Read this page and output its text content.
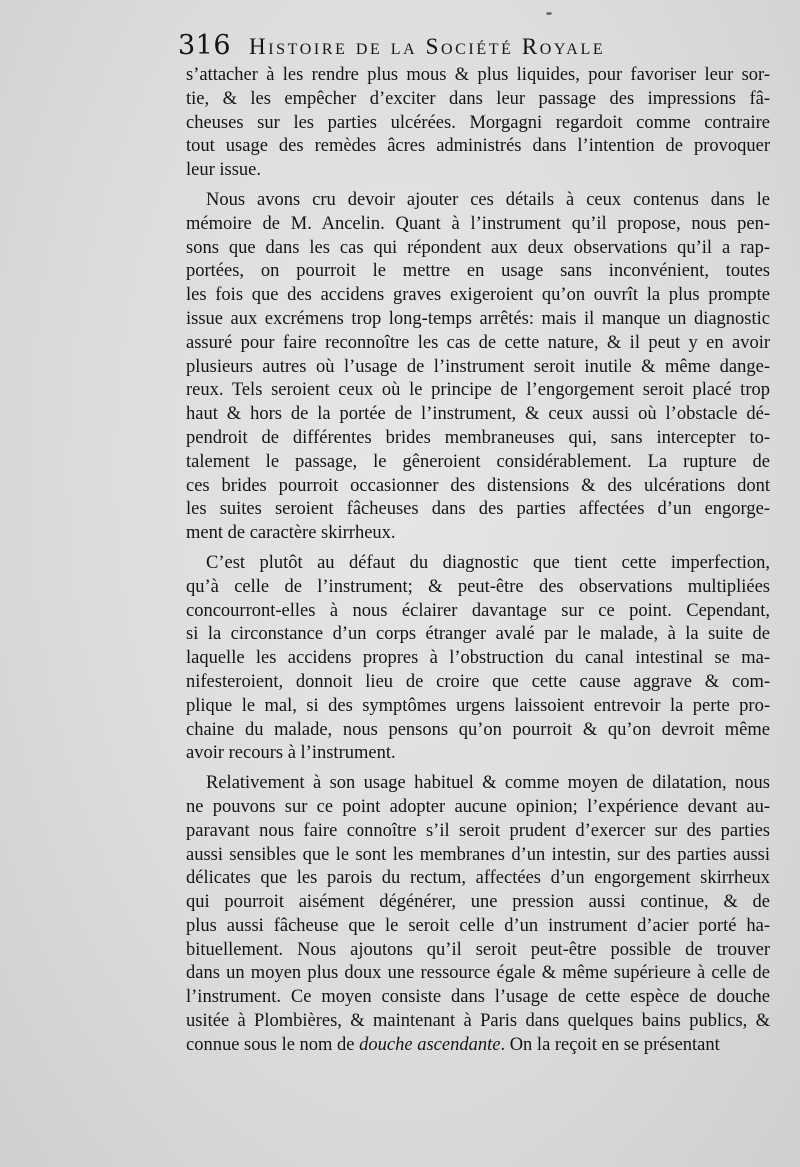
316 Histoire de la Société Royale
s’attacher à les rendre plus mous & plus liquides, pour favoriser leur sor-
tie, & les empêcher d’exciter dans leur passage des impressions fâ-
cheuses sur les parties ulcérées. Morgagni regardoit comme contraire
tout usage des remèdes âcres administrés dans l’intention de provoquer
leur issue.
Nous avons cru devoir ajouter ces détails à ceux contenus dans le
mémoire de M. Ancelin. Quant à l’instrument qu’il propose, nous pen-
sons que dans les cas qui répondent aux deux observations qu’il a rap-
portées, on pourroit le mettre en usage sans inconvénient, toutes
les fois que des accidens graves exigeroient qu’on ouvrît la plus prompte
issue aux excrémens trop long-temps arrêtés: mais il manque un diagnostic
assuré pour faire reconnoître les cas de cette nature, & il peut y en avoir
plusieurs autres où l’usage de l’instrument seroit inutile & même dange-
reux. Tels seroient ceux où le principe de l’engorgement seroit placé trop
haut & hors de la portée de l’instrument, & ceux aussi où l’obstacle dé-
pendroit de différentes brides membraneuses qui, sans intercepter to-
talement le passage, le gêneroient considérablement. La rupture de
ces brides pourroit occasionner des distensions & des ulcérations dont
les suites seroient fâcheuses dans des parties affectées d’un engorge-
ment de caractère skirrheux.
C’est plutôt au défaut du diagnostic que tient cette imperfection,
qu’à celle de l’instrument; & peut-être des observations multipliées
concourront-elles à nous éclairer davantage sur ce point. Cependant,
si la circonstance d’un corps étranger avalé par le malade, à la suite de
laquelle les accidens propres à l’obstruction du canal intestinal se ma-
nifesteroient, donnoit lieu de croire que cette cause aggrave & com-
plique le mal, si des symptômes urgens laissoient entrevoir la perte pro-
chaine du malade, nous pensons qu’on pourroit & qu’on devroit même
avoir recours à l’instrument.
Relativement à son usage habituel & comme moyen de dilatation, nous
ne pouvons sur ce point adopter aucune opinion; l’expérience devant au-
paravant nous faire connoître s’il seroit prudent d’exercer sur des parties
aussi sensibles que le sont les membranes d’un intestin, sur des parties aussi
délicates que les parois du rectum, affectées d’un engorgement skirrheux
qui pourroit aisément dégénérer, une pression aussi continue, & de
plus aussi fâcheuse que le seroit celle d’un instrument d’acier porté ha-
bituellement. Nous ajoutons qu’il seroit peut-être possible de trouver
dans un moyen plus doux une ressource égale & même supérieure à celle de
l’instrument. Ce moyen consiste dans l’usage de cette espèce de douche
usitée à Plombières, & maintenant à Paris dans quelques bains publics, &
connue sous le nom de douche ascendante. On la reçoit en se présentant
